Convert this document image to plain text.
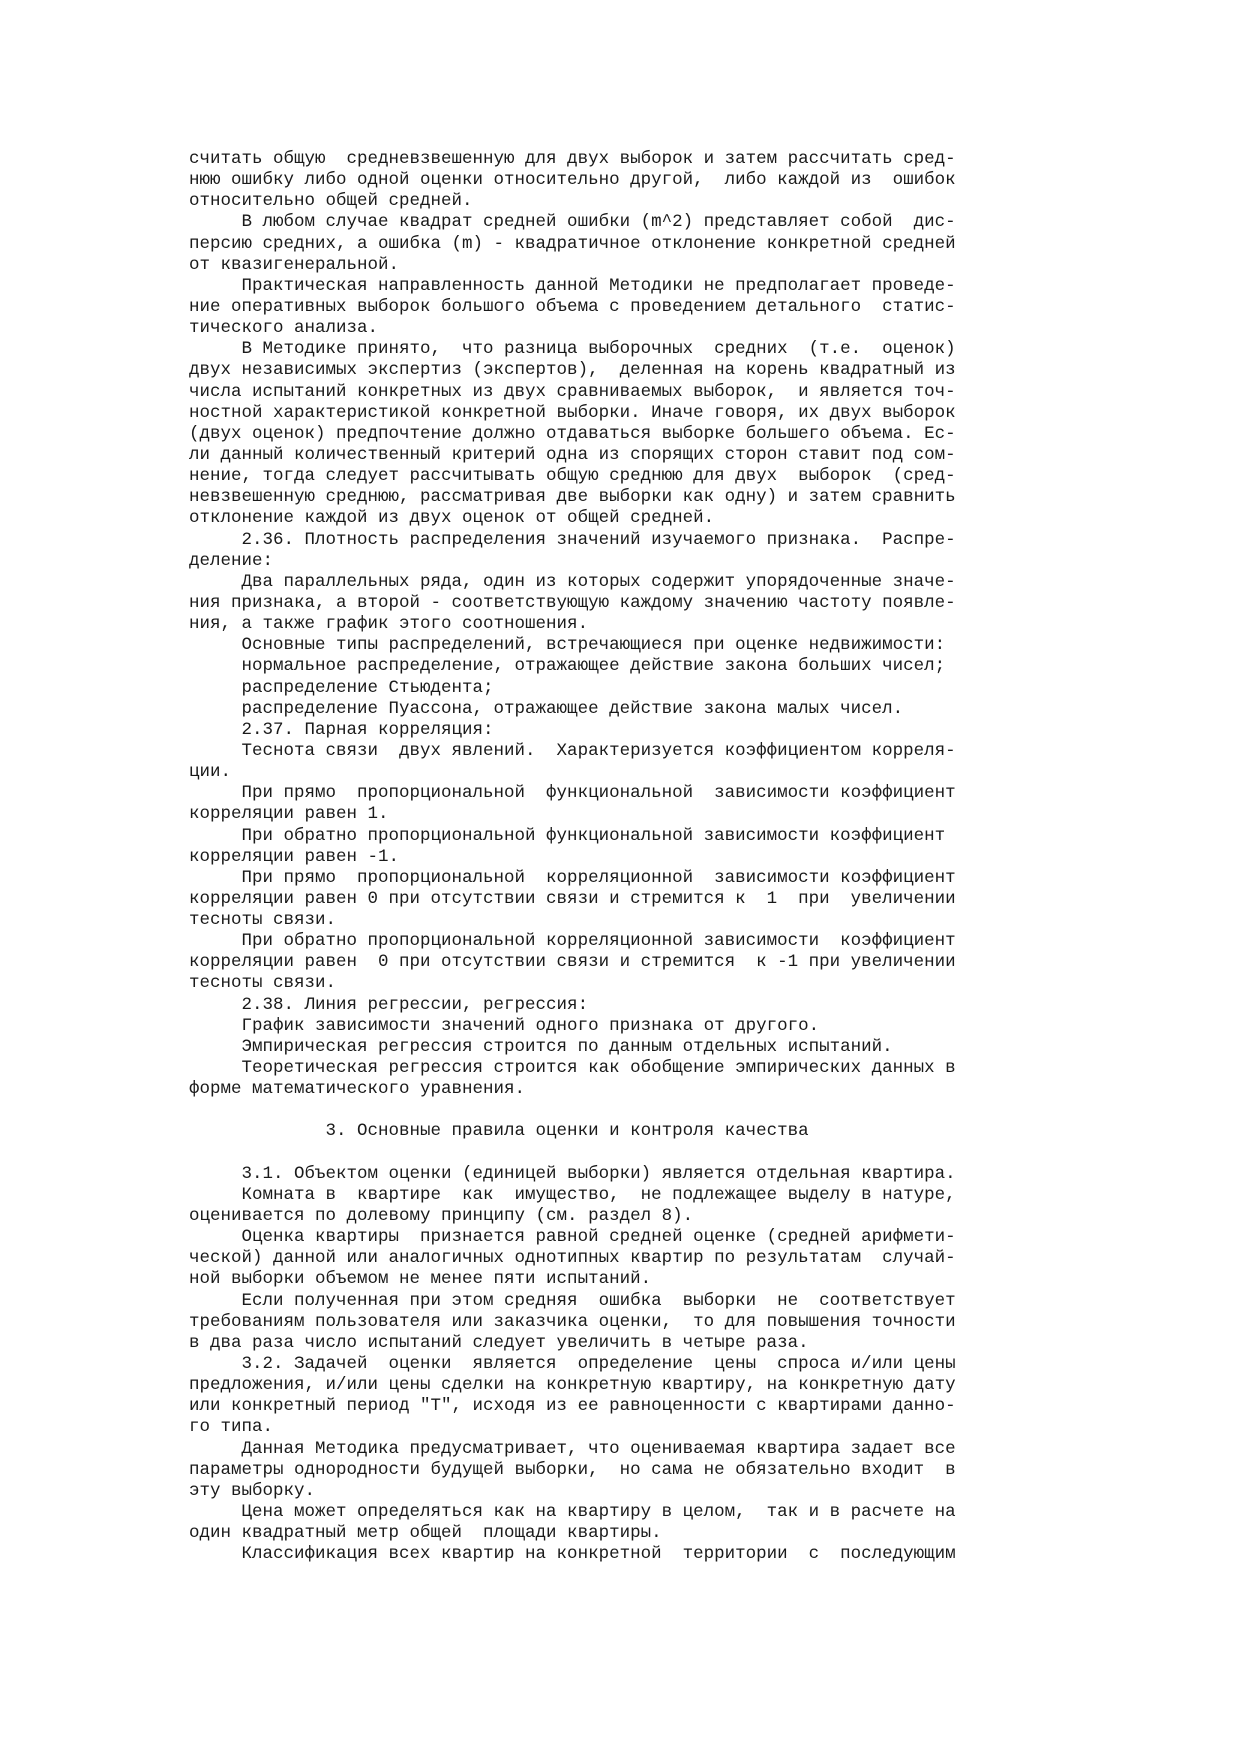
считать общую  средневзвешенную для двух выборок и затем рассчитать сред-
нюю ошибку либо одной оценки относительно другой,  либо каждой из  ошибок
относительно общей средней.
В любом случае квадрат средней ошибки (m^2) представляет собой  дис-
персию средних, а ошибка (m) - квадратичное отклонение конкретной средней
от квазигенеральной.
Практическая направленность данной Методики не предполагает проведе-
ние оперативных выборок большого объема с проведением детального  статис-
тического анализа.
В Методике принято,  что разница выборочных  средних  (т.е.  оценок)
двух независимых экспертиз (экспертов),  деленная на корень квадратный из
числа испытаний конкретных из двух сравниваемых выборок,  и является точ-
ностной характеристикой конкретной выборки. Иначе говоря, их двух выборок
(двух оценок) предпочтение должно отдаваться выборке большего объема. Ес-
ли данный количественный критерий одна из спорящих сторон ставит под сом-
нение, тогда следует рассчитывать общую среднюю для двух  выборок  (сред-
невзвешенную среднюю, рассматривая две выборки как одну) и затем сравнить
отклонение каждой из двух оценок от общей средней.
2.36. Плотность распределения значений изучаемого признака.  Распре-
деление:
Два параллельных ряда, один из которых содержит упорядоченные значе-
ния признака, а второй - соответствующую каждому значению частоту появле-
ния, а также график этого соотношения.
Основные типы распределений, встречающиеся при оценке недвижимости:
нормальное распределение, отражающее действие закона больших чисел;
распределение Стьюдента;
распределение Пуассона, отражающее действие закона малых чисел.
2.37. Парная корреляция:
Теснота связи  двух явлений.  Характеризуется коэффициентом корреля-
ции.
При прямо  пропорциональной  функциональной  зависимости коэффициент
корреляции равен 1.
При обратно пропорциональной функциональной зависимости коэффициент
корреляции равен -1.
При прямо  пропорциональной  корреляционной  зависимости коэффициент
корреляции равен 0 при отсутствии связи и стремится к  1  при  увеличении
тесноты связи.
При обратно пропорциональной корреляционной зависимости  коэффициент
корреляции равен  0 при отсутствии связи и стремится  к -1 при увеличении
тесноты связи.
2.38. Линия регрессии, регрессия:
График зависимости значений одного признака от другого.
Эмпирическая регрессия строится по данным отдельных испытаний.
Теоретическая регрессия строится как обобщение эмпирических данных в
форме математического уравнения.

3. Основные правила оценки и контроля качества

3.1. Объектом оценки (единицей выборки) является отдельная квартира.
Комната в  квартире  как  имущество,  не подлежащее выделу в натуре,
оценивается по долевому принципу (см. раздел 8).
Оценка квартиры  признается равной средней оценке (средней арифмети-
ческой) данной или аналогичных однотипных квартир по результатам  случай-
ной выборки объемом не менее пяти испытаний.
Если полученная при этом средняя  ошибка  выборки  не  соответствует
требованиям пользователя или заказчика оценки,  то для повышения точности
в два раза число испытаний следует увеличить в четыре раза.
3.2. Задачей  оценки  является  определение  цены  спроса и/или цены
предложения, и/или цены сделки на конкретную квартиру, на конкретную дату
или конкретный период "Т", исходя из ее равноценности с квартирами данно-
го типа.
Данная Методика предусматривает, что оцениваемая квартира задает все
параметры однородности будущей выборки,  но сама не обязательно входит  в
эту выборку.
Цена может определяться как на квартиру в целом,  так и в расчете на
один квадратный метр общей  площади квартиры.
Классификация всех квартир на конкретной  территории  с  последующим
